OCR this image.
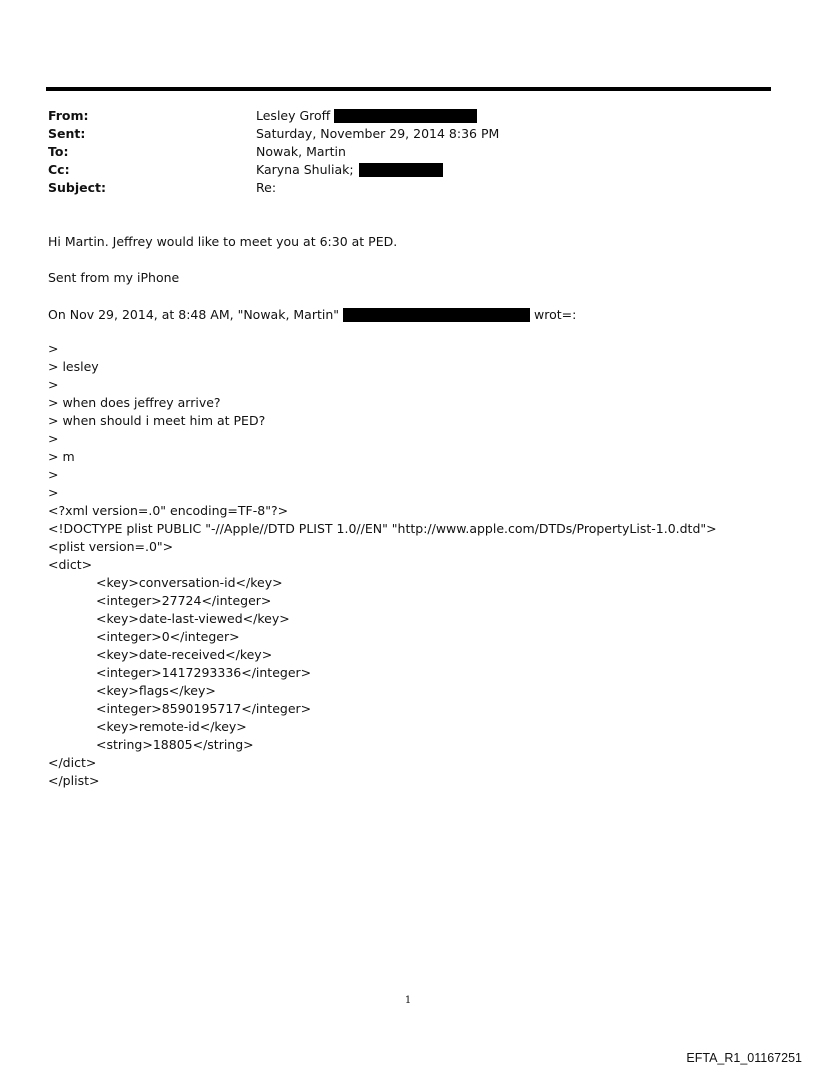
From:	Lesley Groff
Sent:	Saturday, November 29, 2014 8:36 PM
To:	Nowak, Martin
Cc:	Karyna Shuliak;
Subject:	Re:
Hi Martin. Jeffrey would like to meet you at 6:30 at PED.
Sent from my iPhone
On Nov 29, 2014, at 8:48 AM, "Nowak, Martin"	wrot=:
>
> lesley
>
> when does jeffrey arrive?
> when should i meet him at PED?
>
> m
>
>
<?xml version=.0" encoding=TF-8"?>
<!DOCTYPE plist PUBLIC "-//Apple//DTD PLIST 1.0//EN" "http://www.apple.com/DTDs/PropertyList-1.0.dtd">
<plist version=.0">
<dict>
<key>conversation-id</key>
<integer>27724</integer>
<key>date-last-viewed</key>
<integer>0</integer>
<key>date-received</key>
<integer>1417293336</integer>
<key>flags</key>
<integer>8590195717</integer>
<key>remote-id</key>
<string>18805</string>
</dict>
</plist>
1
EFTA_R1_01167251
